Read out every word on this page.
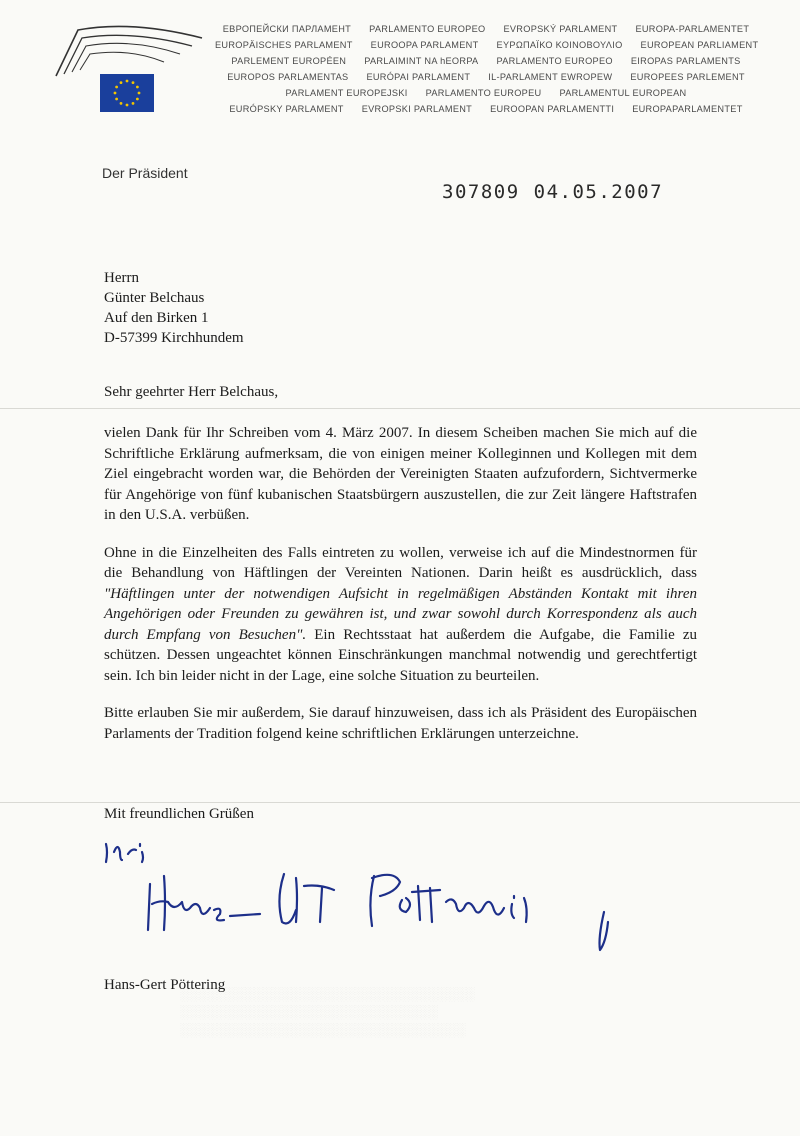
ЕВРОПЕЙСКИ ПАРЛАМЕНТ PARLAMENTO EUROPEO EVROPSKÝ PARLAMENT EUROPA-PARLAMENTET
EUROPÄISCHES PARLAMENT EUROOPA PARLAMENT ΕΥΡΩΠΑΪΚΟ ΚΟΙΝΟΒΟΥΛΙΟ EUROPEAN PARLIAMENT
PARLEMENT EUROPÉEN PARLAIMINT NA hEORPA PARLAMENTO EUROPEO EIROPAS PARLAMENTS
EUROPOS PARLAMENTAS EURÓPAI PARLAMENT IL-PARLAMENT EWROPEW EUROPEES PARLEMENT
PARLAMENT EUROPEJSKI PARLAMENTO EUROPEU PARLAMENTUL EUROPEAN
EURÓPSKY PARLAMENT EVROPSKI PARLAMENT EUROOPAN PARLAMENTTI EUROPAPARLAMENTET
Der Präsident
307809 04.05.2007
Herrn
Günter Belchaus
Auf den Birken 1
D-57399 Kirchhundem
Sehr geehrter Herr Belchaus,

vielen Dank für Ihr Schreiben vom 4. März 2007. In diesem Scheiben machen Sie mich auf die Schriftliche Erklärung aufmerksam, die von einigen meiner Kolleginnen und Kollegen mit dem Ziel eingebracht worden war, die Behörden der Vereinigten Staaten aufzufordern, Sichtvermerke für Angehörige von fünf kubanischen Staatsbürgern auszustellen, die zur Zeit längere Haftstrafen in den U.S.A. verbüßen.

Ohne in die Einzelheiten des Falls eintreten zu wollen, verweise ich auf die Mindestnormen für die Behandlung von Häftlingen der Vereinten Nationen. Darin heißt es ausdrücklich, dass "Häftlingen unter der notwendigen Aufsicht in regelmäßigen Abständen Kontakt mit ihren Angehörigen oder Freunden zu gewähren ist, und zwar sowohl durch Korrespondenz als auch durch Empfang von Besuchen". Ein Rechtsstaat hat außerdem die Aufgabe, die Familie zu schützen. Dessen ungeachtet können Einschränkungen manchmal notwendig und gerechtfertigt sein. Ich bin leider nicht in der Lage, eine solche Situation zu beurteilen.

Bitte erlauben Sie mir außerdem, Sie darauf hinzuweisen, dass ich als Präsident des Europäischen Parlaments der Tradition folgend keine schriftlichen Erklärungen unterzeichne.

Mit freundlichen Grüßen
Hans-Gert Pöttering
░░░░░░░░░░░░░░░░░░░░░░░░░░░░░░░░
░░░░░░░░░░░░░░░░░░░░░░░░░░░░
░░░░░░░░░░░░░░░░░░░░░░░░░░░░░░░
